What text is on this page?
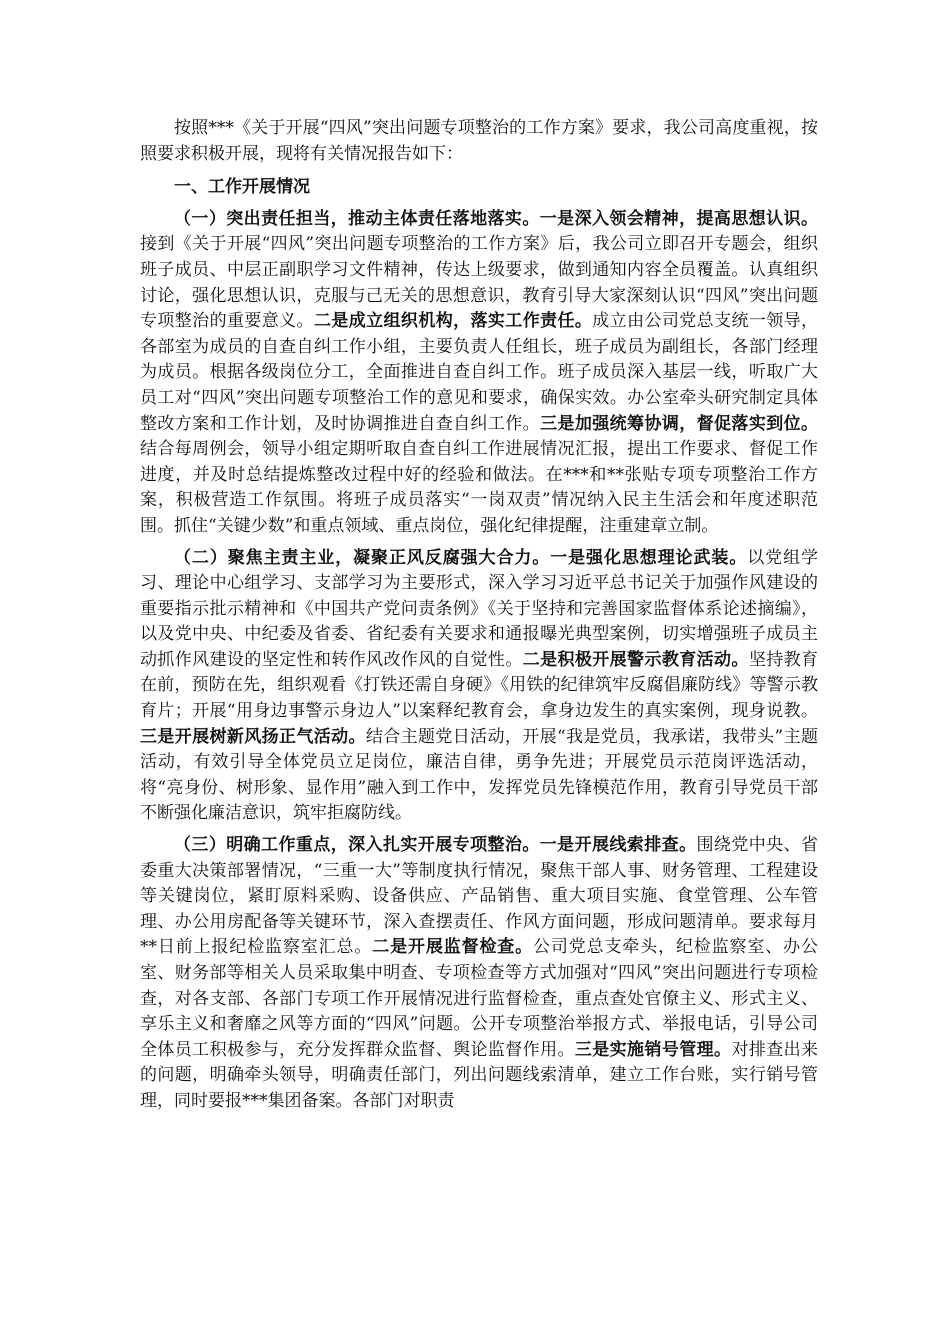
按照***《关于开展“四风”突出问题专项整治的工作方案》要求，我公司高度重视，按照要求积极开展，现将有关情况报告如下：

一、工作开展情况

（一）突出责任担当，推动主体责任落地落实。一是深入领会精神，提高思想认识。接到《关于开展“四风”突出问题专项整治的工作方案》后，我公司立即召开专题会，组织班子成员、中层正副职学习文件精神，传达上级要求，做到通知内容全员覆盖。认真组织讨论，强化思想认识，克服与己无关的思想意识，教育引导大家深刻认识“四风”突出问题专项整治的重要意义。二是成立组织机构，落实工作责任。成立由公司党总支统一领导，各部室为成员的自查自纠工作小组，主要负责人任组长，班子成员为副组长，各部门经理为成员。根据各级岗位分工，全面推进自查自纠工作。班子成员深入基层一线，听取广大员工对“四风”突出问题专项整治工作的意见和要求，确保实效。办公室牵头研究制定具体整改方案和工作计划，及时协调推进自查自纠工作。三是加强统筹协调，督促落实到位。结合每周例会，领导小组定期听取自查自纠工作进展情况汇报，提出工作要求、督促工作进度，并及时总结提炼整改过程中好的经验和做法。在***和**张贴专项专项整治工作方案，积极营造工作氛围。将班子成员落实“一岗双责”情况纳入民主生活会和年度述职范围。抓住“关键少数”和重点领域、重点岗位，强化纪律提醒，注重建章立制。

（二）聚焦主责主业，凝聚正风反腐强大合力。一是强化思想理论武装。以党组学习、理论中心组学习、支部学习为主要形式，深入学习习近平总书记关于加强作风建设的重要指示批示精神和《中国共产党问责条例》《关于坚持和完善国家监督体系论述摘编》，以及党中央、中纪委及省委、省纪委有关要求和通报曝光典型案例，切实增强班子成员主动抓作风建设的坚定性和转作风改作风的自觉性。二是积极开展警示教育活动。坚持教育在前，预防在先，组织观看《打铁还需自身硬》《用铁的纪律筑牢反腐倡廉防线》等警示教育片；开展“用身边事警示身边人”以案释纪教育会，拿身边发生的真实案例，现身说教。三是开展树新风扬正气活动。结合主题党日活动，开展“我是党员，我承诺，我带头”主题活动，有效引导全体党员立足岗位，廉洁自律，勇争先进；开展党员示范岗评选活动，将“亮身份、树形象、显作用”融入到工作中，发挥党员先锋模范作用，教育引导党员干部不断强化廉洁意识，筑牢拒腐防线。

（三）明确工作重点，深入扎实开展专项整治。一是开展线索排查。围绕党中央、省委重大决策部署情况，“三重一大”等制度执行情况，聚焦干部人事、财务管理、工程建设等关键岗位，紧盯原料采购、设备供应、产品销售、重大项目实施、食堂管理、公车管理、办公用房配备等关键环节，深入查摆责任、作风方面问题，形成问题清单。要求每月**日前上报纪检监察室汇总。二是开展监督检查。公司党总支牵头，纪检监察室、办公室、财务部等相关人员采取集中明查、专项检查等方式加强对“四风”突出问题进行专项检查，对各支部、各部门专项工作开展情况进行监督检查，重点查处官僚主义、形式主义、享乐主义和奢靡之风等方面的“四风”问题。公开专项整治举报方式、举报电话，引导公司全体员工积极参与，充分发挥群众监督、舆论监督作用。三是实施销号管理。对排查出来的问题，明确牵头领导，明确责任部门，列出问题线索清单，建立工作台账，实行销号管理，同时要报***集团备案。各部门对职责
